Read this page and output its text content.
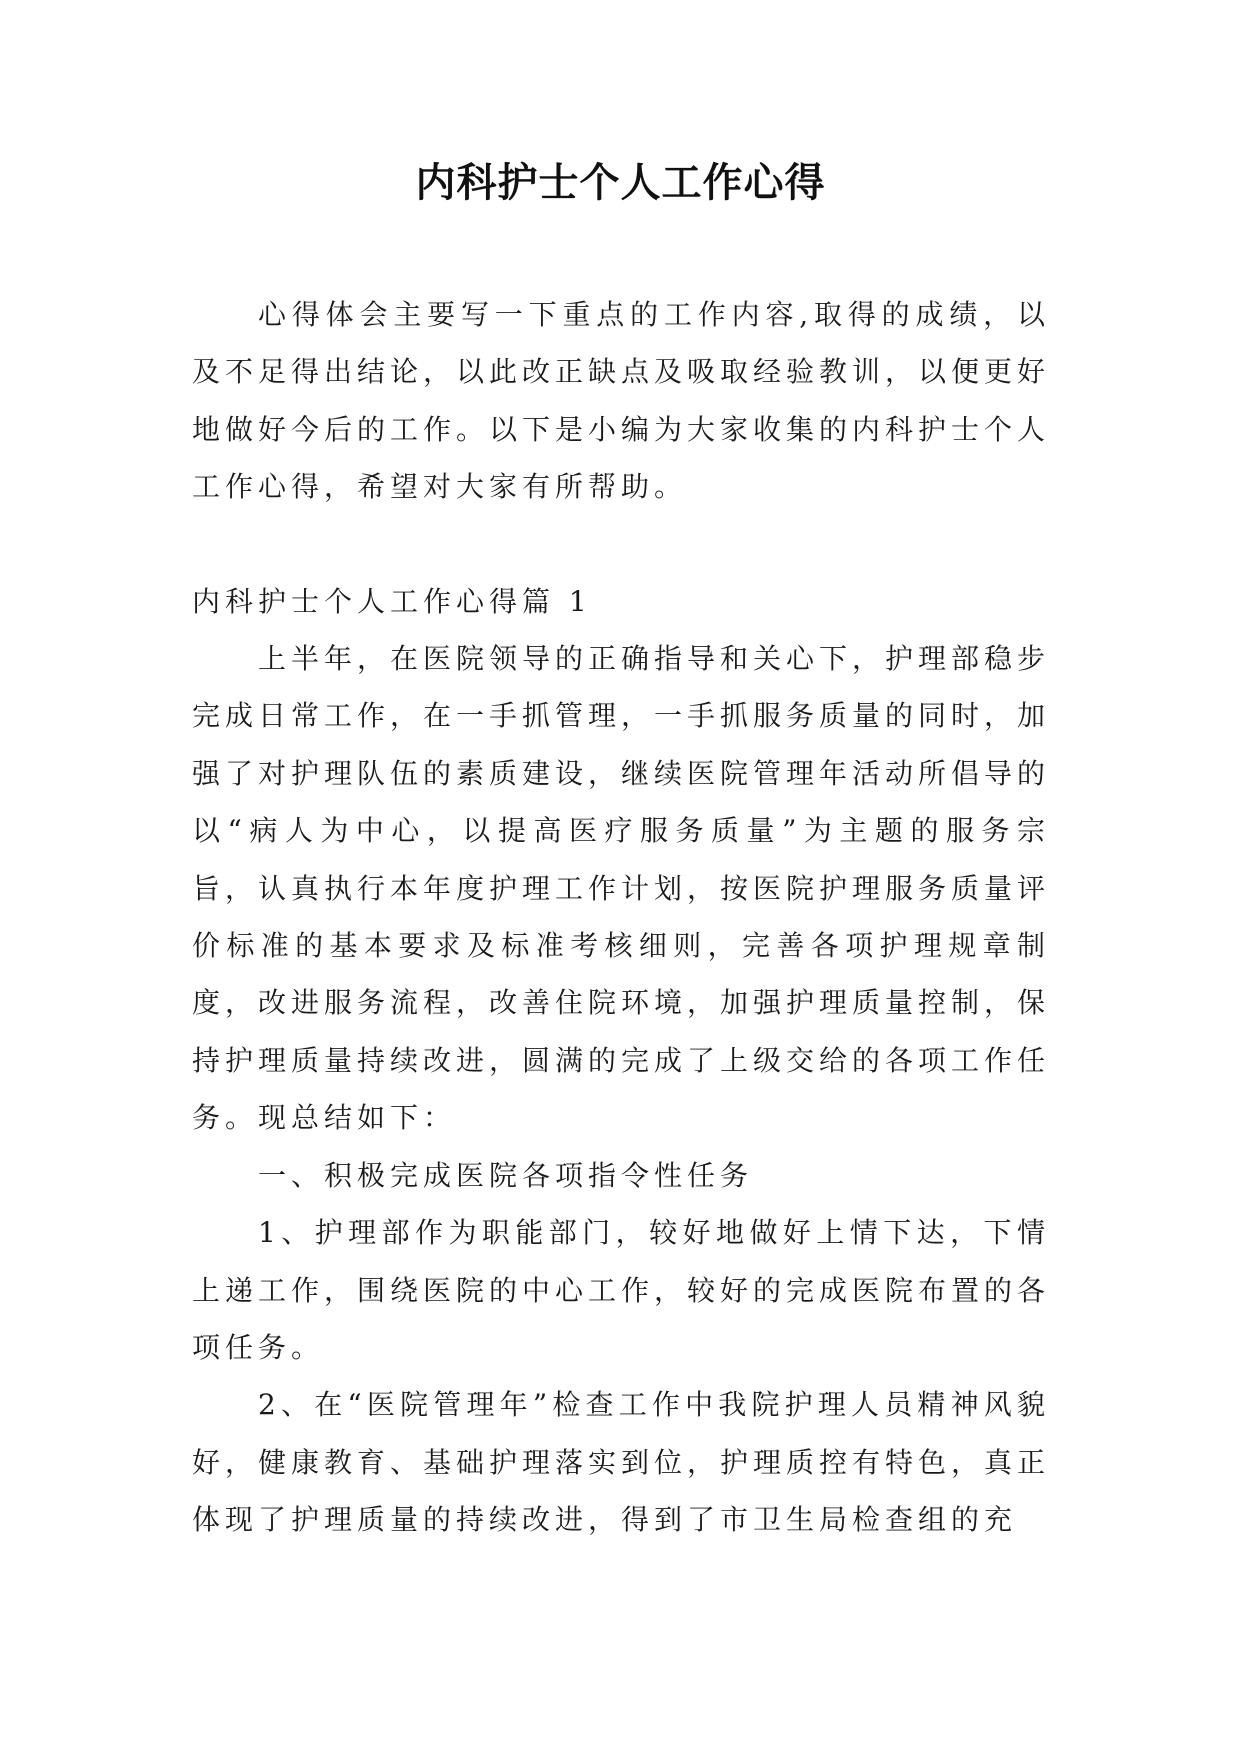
内科护士个人工作心得

心得体会主要写一下重点的工作内容,取得的成绩，以及不足得出结论，以此改正缺点及吸取经验教训，以便更好地做好今后的工作。以下是小编为大家收集的内科护士个人工作心得，希望对大家有所帮助。

内科护士个人工作心得篇 1

上半年，在医院领导的正确指导和关心下，护理部稳步完成日常工作，在一手抓管理，一手抓服务质量的同时，加强了对护理队伍的素质建设，继续医院管理年活动所倡导的以“病人为中心，以提高医疗服务质量”为主题的服务宗旨，认真执行本年度护理工作计划，按医院护理服务质量评价标准的基本要求及标准考核细则，完善各项护理规章制度，改进服务流程，改善住院环境，加强护理质量控制，保持护理质量持续改进，圆满的完成了上级交给的各项工作任务。现总结如下：

一、积极完成医院各项指令性任务

1、护理部作为职能部门，较好地做好上情下达，下情上递工作，围绕医院的中心工作，较好的完成医院布置的各项任务。

2、在“医院管理年”检查工作中我院护理人员精神风貌好，健康教育、基础护理落实到位，护理质控有特色，真正体现了护理质量的持续改进，得到了市卫生局检查组的充
